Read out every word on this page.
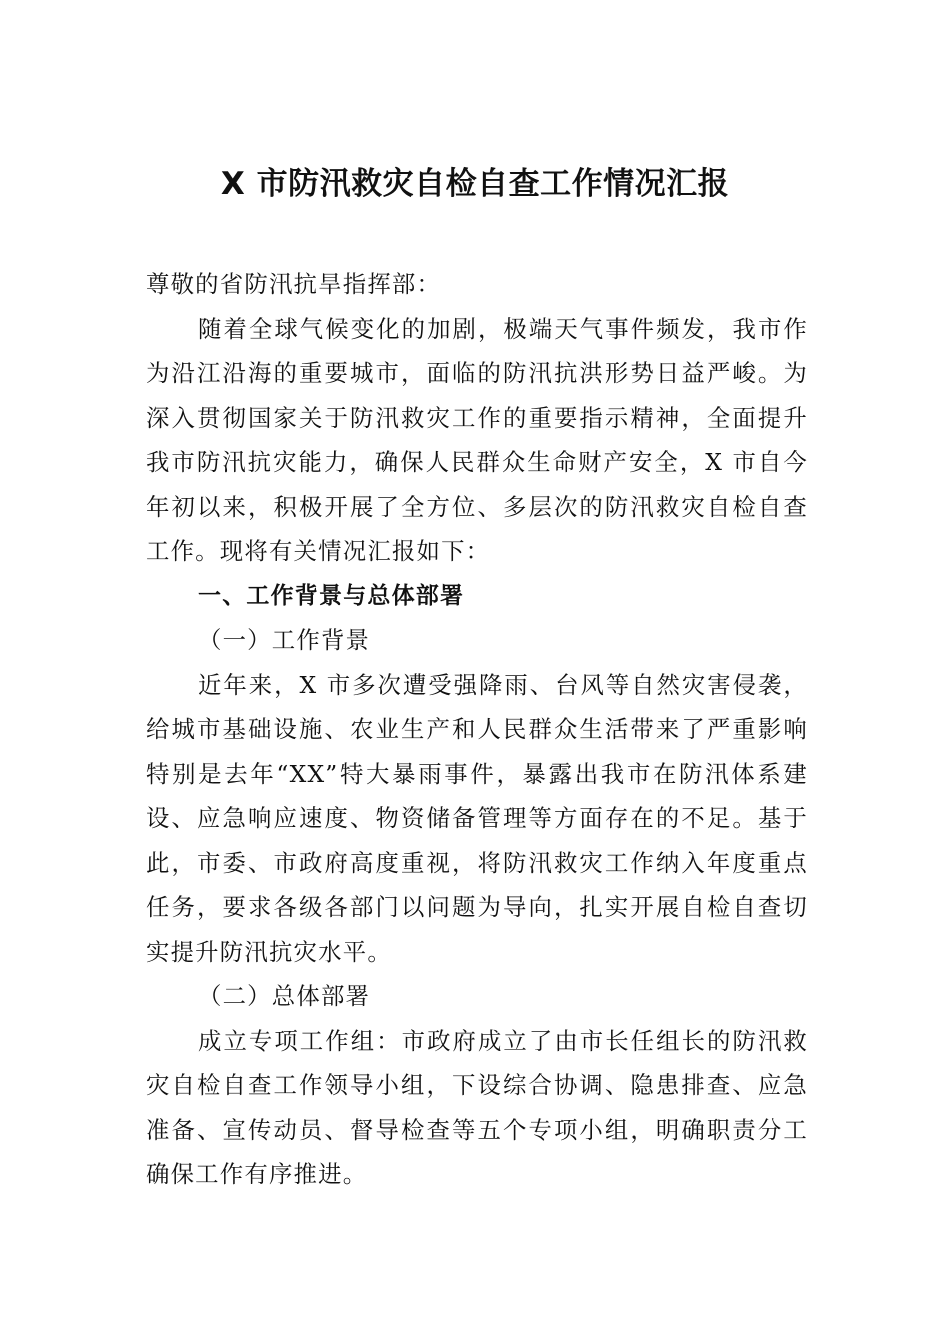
X 市防汛救灾自检自查工作情况汇报

尊敬的省防汛抗旱指挥部：

随着全球气候变化的加剧，极端天气事件频发，我市作为沿江沿海的重要城市，面临的防汛抗洪形势日益严峻。为深入贯彻国家关于防汛救灾工作的重要指示精神，全面提升我市防汛抗灾能力，确保人民群众生命财产安全，X 市自今年初以来，积极开展了全方位、多层次的防汛救灾自检自查工作。现将有关情况汇报如下：

一、工作背景与总体部署

（一）工作背景

近年来，X 市多次遭受强降雨、台风等自然灾害侵袭，给城市基础设施、农业生产和人民群众生活带来了严重影响特别是去年“XX”特大暴雨事件，暴露出我市在防汛体系建设、应急响应速度、物资储备管理等方面存在的不足。基于此，市委、市政府高度重视，将防汛救灾工作纳入年度重点任务，要求各级各部门以问题为导向，扎实开展自检自查切实提升防汛抗灾水平。

（二）总体部署

成立专项工作组：市政府成立了由市长任组长的防汛救灾自检自查工作领导小组，下设综合协调、隐患排查、应急准备、宣传动员、督导检查等五个专项小组，明确职责分工确保工作有序推进。
